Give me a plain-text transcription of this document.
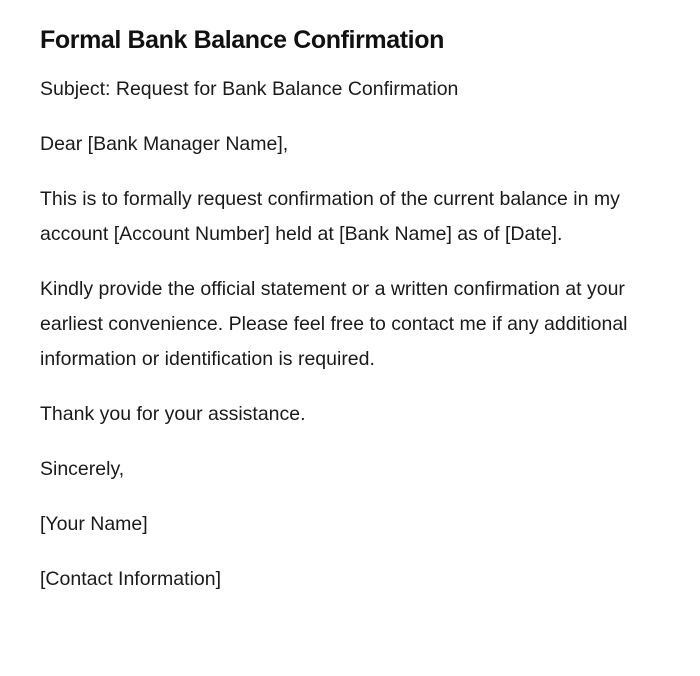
Formal Bank Balance Confirmation

Subject: Request for Bank Balance Confirmation

Dear [Bank Manager Name],

This is to formally request confirmation of the current balance in my account [Account Number] held at [Bank Name] as of [Date].

Kindly provide the official statement or a written confirmation at your earliest convenience. Please feel free to contact me if any additional information or identification is required.

Thank you for your assistance.

Sincerely,

[Your Name]

[Contact Information]
